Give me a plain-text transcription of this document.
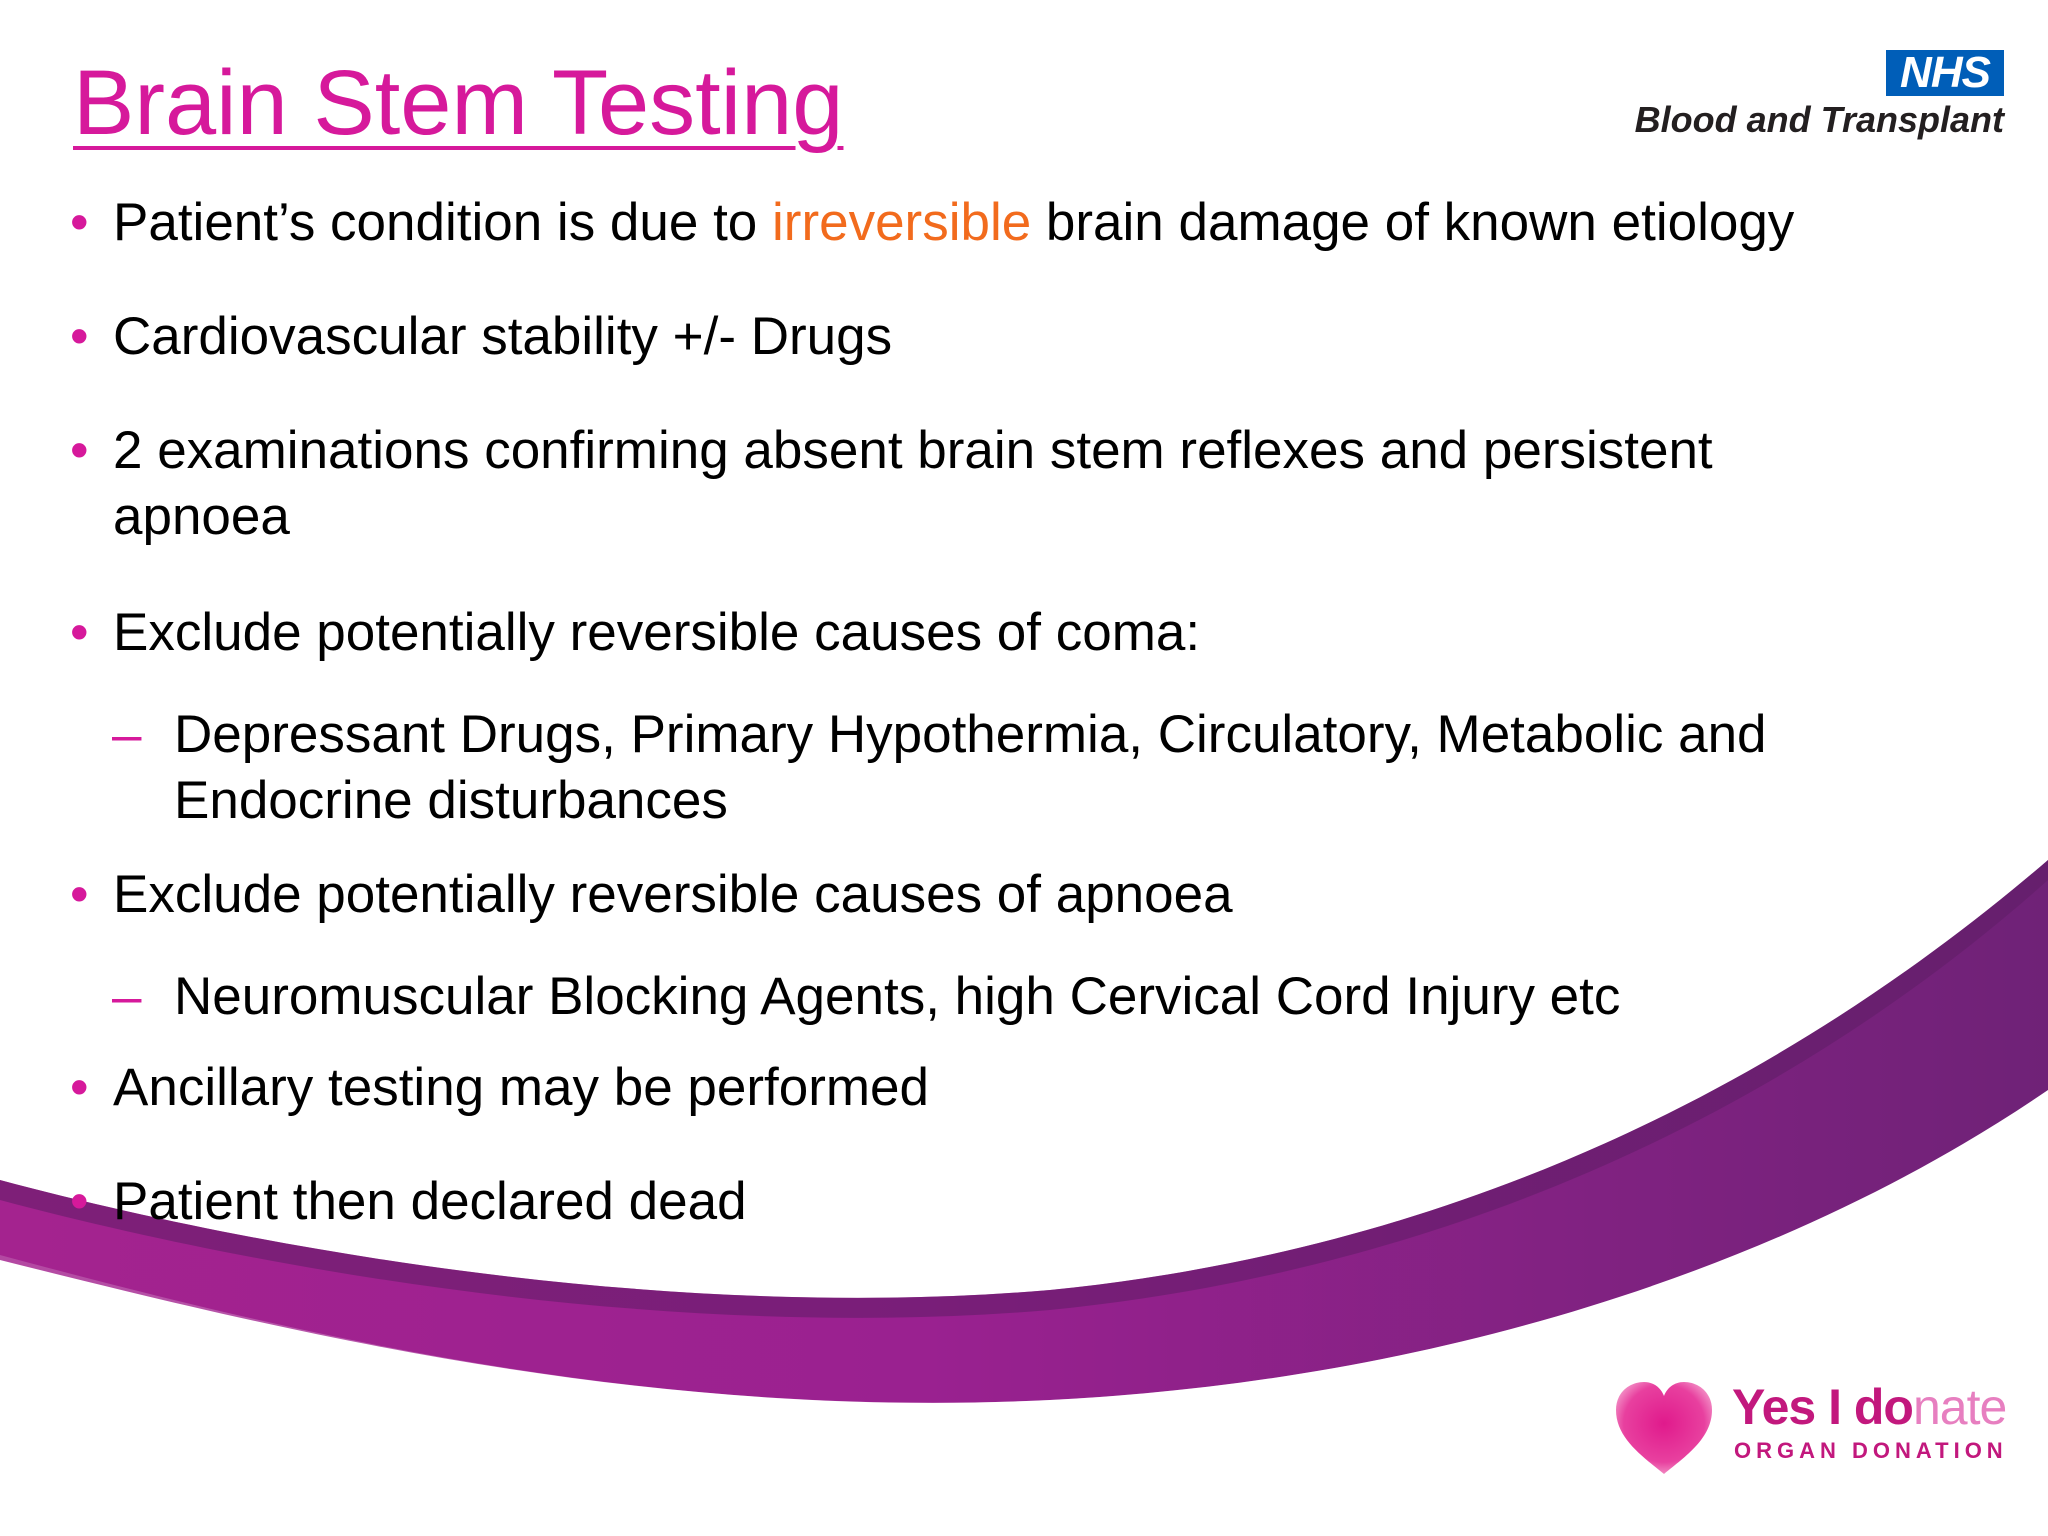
Brain Stem Testing	NHS
Blood and Transplant
• Patient’s condition is due to irreversible brain damage of known etiology
• Cardiovascular stability +/- Drugs
• 2 examinations confirming absent brain stem reflexes and persistent apnoea
• Exclude potentially reversible causes of coma:
– Depressant Drugs, Primary Hypothermia, Circulatory, Metabolic and Endocrine disturbances
• Exclude potentially reversible causes of apnoea
– Neuromuscular Blocking Agents, high Cervical Cord Injury etc
• Ancillary testing may be performed
• Patient then declared dead
Yes I donate
ORGAN DONATION
